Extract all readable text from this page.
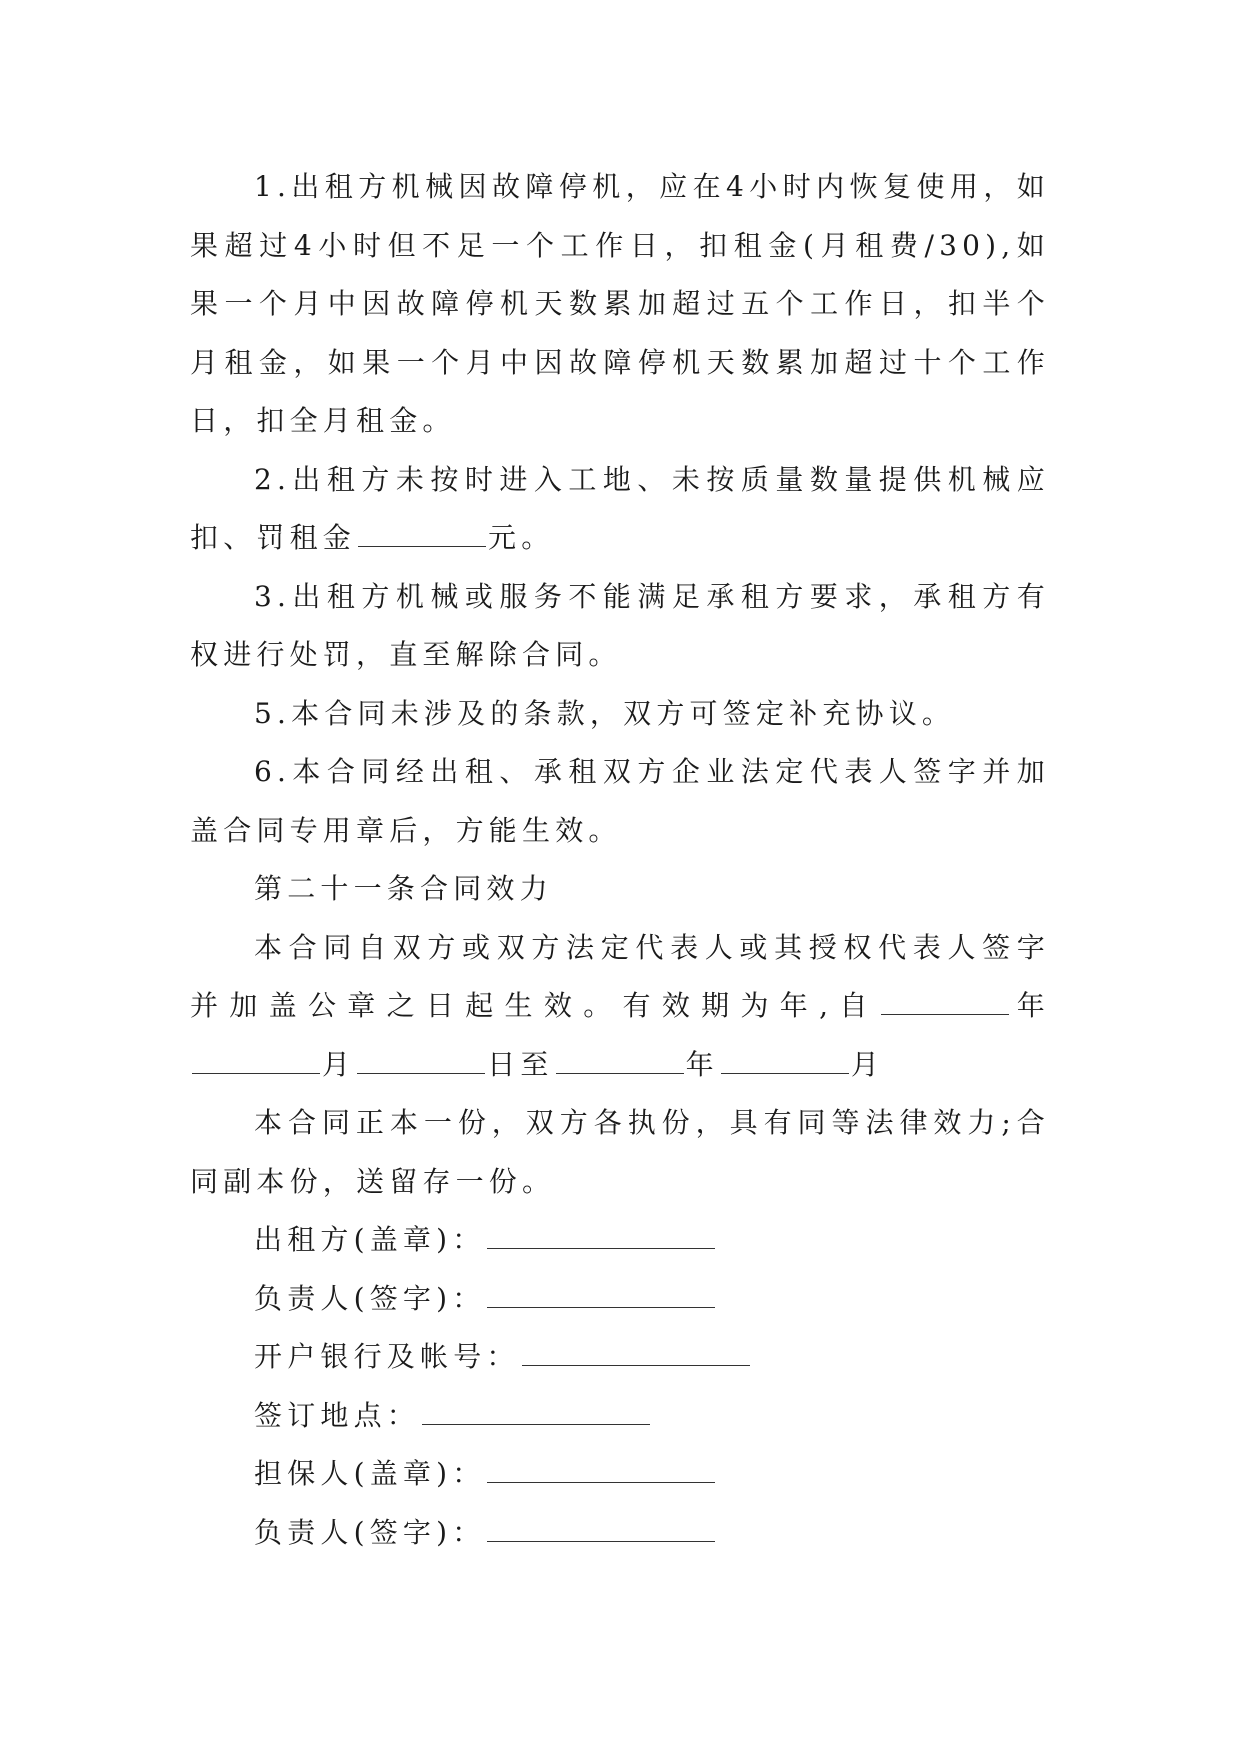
1.出租方机械因故障停机，应在4小时内恢复使用，如果超过4小时但不足一个工作日，扣租金(月租费/30),如果一个月中因故障停机天数累加超过五个工作日，扣半个月租金，如果一个月中因故障停机天数累加超过十个工作日，扣全月租金。

2.出租方未按时进入工地、未按质量数量提供机械应扣、罚租金	元。

3.出租方机械或服务不能满足承租方要求，承租方有权进行处罚，直至解除合同。

5.本合同未涉及的条款，双方可签定补充协议。

6.本合同经出租、承租双方企业法定代表人签字并加盖合同专用章后，方能生效。

第二十一条合同效力

本合同自双方或双方法定代表人或其授权代表人签字并加盖公章之日起生效。有效期为年,自	年月	日至	年	月

本合同正本一份，双方各执份，具有同等法律效力;合同副本份，送留存一份。

出租方(盖章)：

负责人(签字)：

开户银行及帐号：

签订地点：

担保人(盖章)：

负责人(签字)：
